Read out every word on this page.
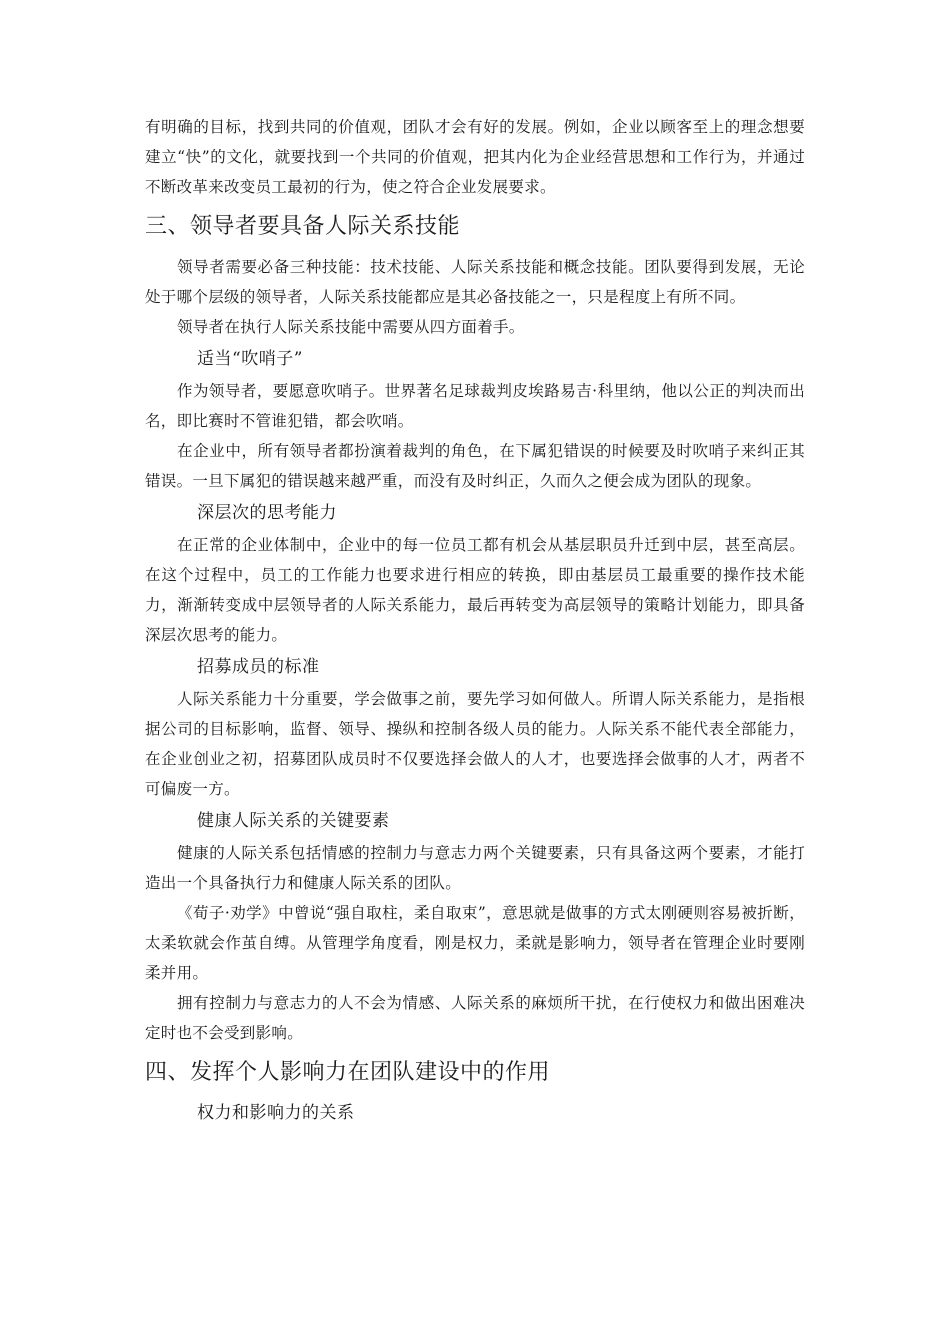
有明确的目标，找到共同的价值观，团队才会有好的发展。例如，企业以顾客至上的理念想要建立“快”的文化，就要找到一个共同的价值观，把其内化为企业经营思想和工作行为，并通过不断改革来改变员工最初的行为，使之符合企业发展要求。

三、领导者要具备人际关系技能

领导者需要必备三种技能：技术技能、人际关系技能和概念技能。团队要得到发展，无论处于哪个层级的领导者，人际关系技能都应是其必备技能之一，只是程度上有所不同。

领导者在执行人际关系技能中需要从四方面着手。

适当“吹哨子”

作为领导者，要愿意吹哨子。世界著名足球裁判皮埃路易吉·科里纳，他以公正的判决而出名，即比赛时不管谁犯错，都会吹哨。

在企业中，所有领导者都扮演着裁判的角色，在下属犯错误的时候要及时吹哨子来纠正其错误。一旦下属犯的错误越来越严重，而没有及时纠正，久而久之便会成为团队的现象。

深层次的思考能力

在正常的企业体制中，企业中的每一位员工都有机会从基层职员升迁到中层，甚至高层。在这个过程中，员工的工作能力也要求进行相应的转换，即由基层员工最重要的操作技术能力，渐渐转变成中层领导者的人际关系能力，最后再转变为高层领导的策略计划能力，即具备深层次思考的能力。

招募成员的标准

人际关系能力十分重要，学会做事之前，要先学习如何做人。所谓人际关系能力，是指根据公司的目标影响，监督、领导、操纵和控制各级人员的能力。人际关系不能代表全部能力，在企业创业之初，招募团队成员时不仅要选择会做人的人才，也要选择会做事的人才，两者不可偏废一方。

健康人际关系的关键要素

健康的人际关系包括情感的控制力与意志力两个关键要素，只有具备这两个要素，才能打造出一个具备执行力和健康人际关系的团队。

《荀子·劝学》中曾说“强自取柱，柔自取束”，意思就是做事的方式太刚硬则容易被折断，太柔软就会作茧自缚。从管理学角度看，刚是权力，柔就是影响力，领导者在管理企业时要刚柔并用。

拥有控制力与意志力的人不会为情感、人际关系的麻烦所干扰，在行使权力和做出困难决定时也不会受到影响。

四、发挥个人影响力在团队建设中的作用
权力和影响力的关系
